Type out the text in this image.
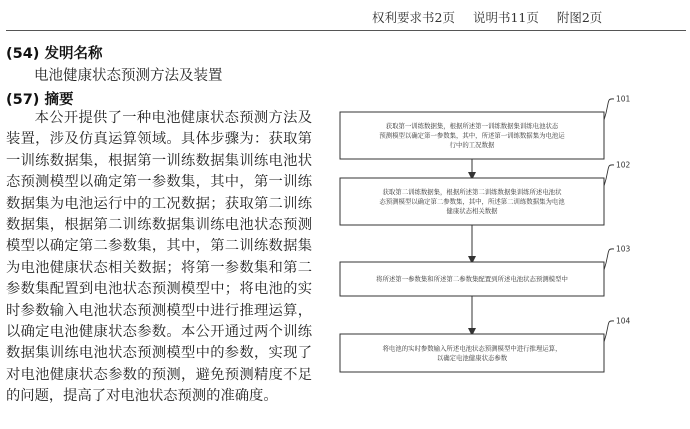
权利要求书2页 说明书11页 附图2页
(54) 发明名称
电池健康状态预测方法及装置
(57) 摘要

本公开提供了一种电池健康状态预测方法及装置，涉及仿真运算领域。具体步骤为：获取第一训练数据集，根据第一训练数据集训练电池状态预测模型以确定第一参数集，其中，第一训练数据集为电池运行中的工况数据；获取第二训练数据集，根据第二训练数据集训练电池状态预测模型以确定第二参数集，其中，第二训练数据集为电池健康状态相关数据；将第一参数集和第二参数集配置到电池状态预测模型中；将电池的实时参数输入电池状态预测模型中进行推理运算，以确定电池健康状态参数。本公开通过两个训练数据集训练电池状态预测模型中的参数，实现了对电池健康状态参数的预测，避免预测精度不足的问题，提高了对电池状态预测的准确度。

获取第一训练数据集，根据所述第一训练数据集训练电池状态
预测模型以确定第一参数集，其中，所述第一训练数据集为电池运
行中的工况数据
101
获取第二训练数据集，根据所述第二训练数据集训练所述电池状
态预测模型以确定第二参数集，其中，所述第二训练数据集为电池
健康状态相关数据
102
将所述第一参数集和所述第二参数集配置到所述电池状态预测模型中
103
将电池的实时参数输入所述电池状态预测模型中进行推理运算，
以确定电池健康状态参数
104
